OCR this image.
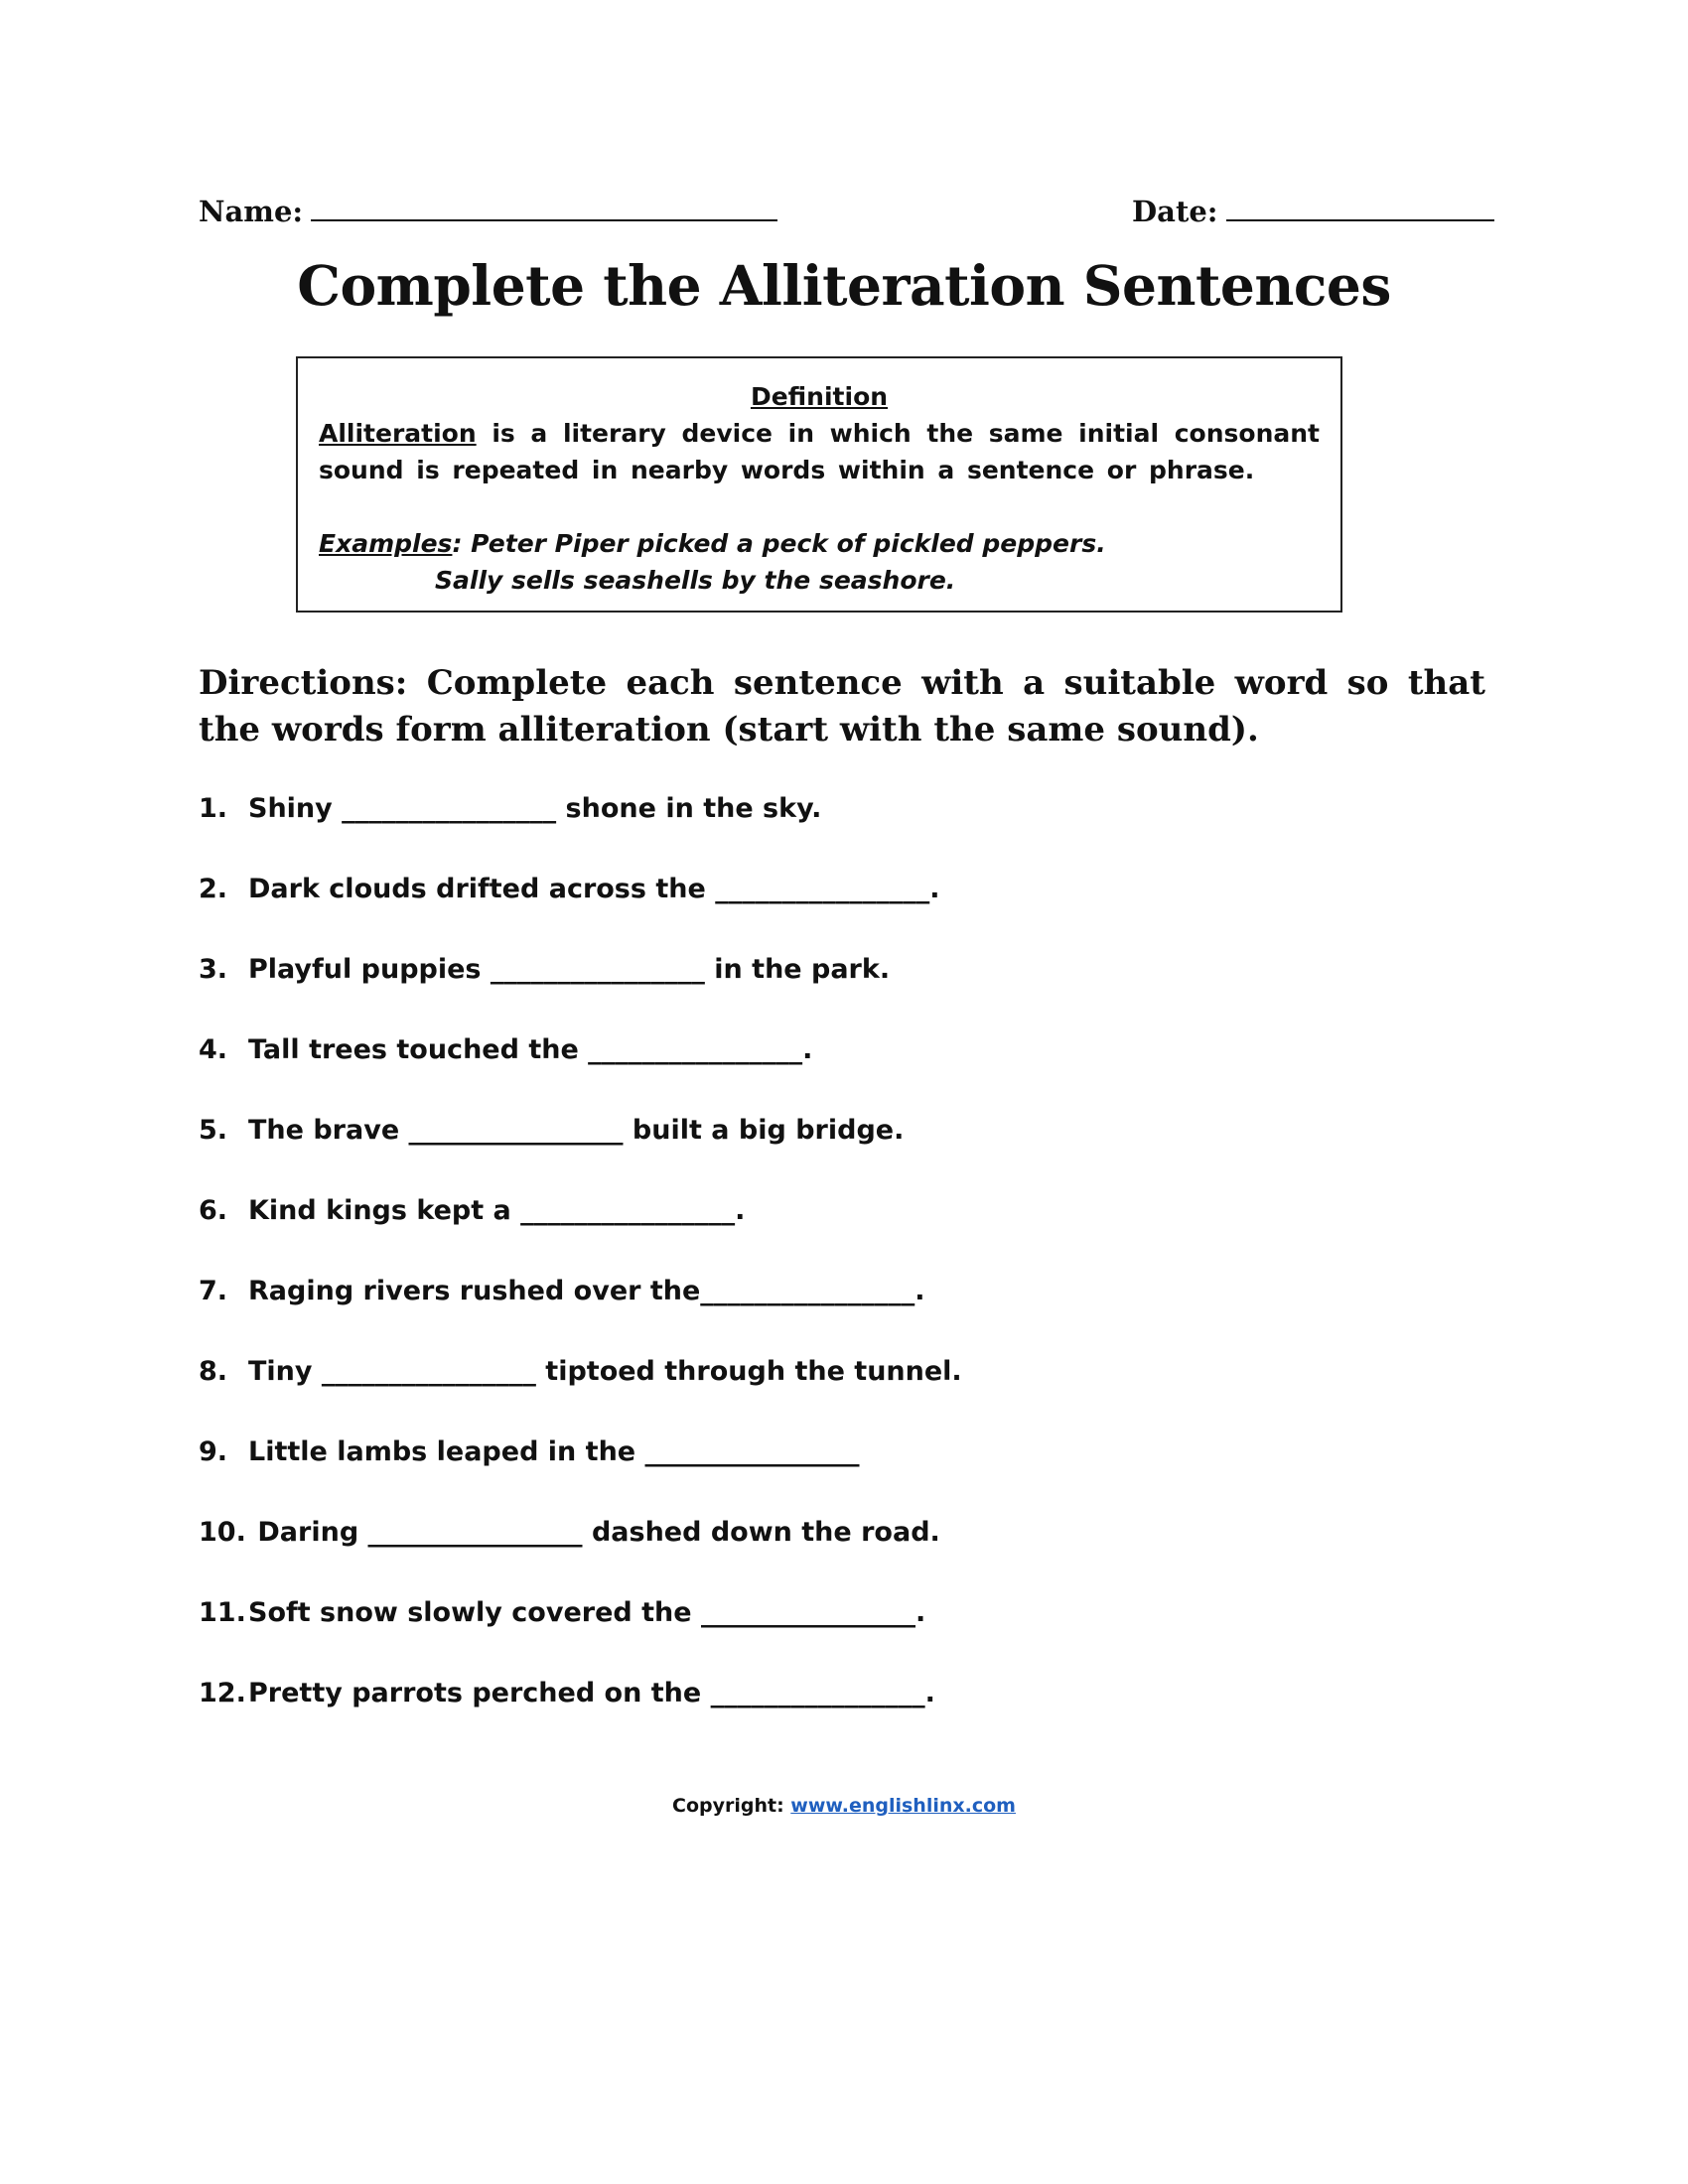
Name:	Date:
Complete the Alliteration Sentences
Definition
Alliteration is a literary device in which the same initial consonant sound is repeated in nearby words within a sentence or phrase.
Examples: Peter Piper picked a peck of pickled peppers.
Sally sells seashells by the seashore.

Directions: Complete each sentence with a suitable word so that the words form alliteration (start with the same sound).

1. Shiny ________________ shone in the sky.
2. Dark clouds drifted across the ________________.
3. Playful puppies ________________ in the park.
4. Tall trees touched the ________________.
5. The brave ________________ built a big bridge.
6. Kind kings kept a ________________.
7. Raging rivers rushed over the________________.
8. Tiny ________________ tiptoed through the tunnel.
9. Little lambs leaped in the ________________
10. Daring ________________ dashed down the road.
11.Soft snow slowly covered the ________________.
12.Pretty parrots perched on the ________________.
Copyright: www.englishlinx.com
